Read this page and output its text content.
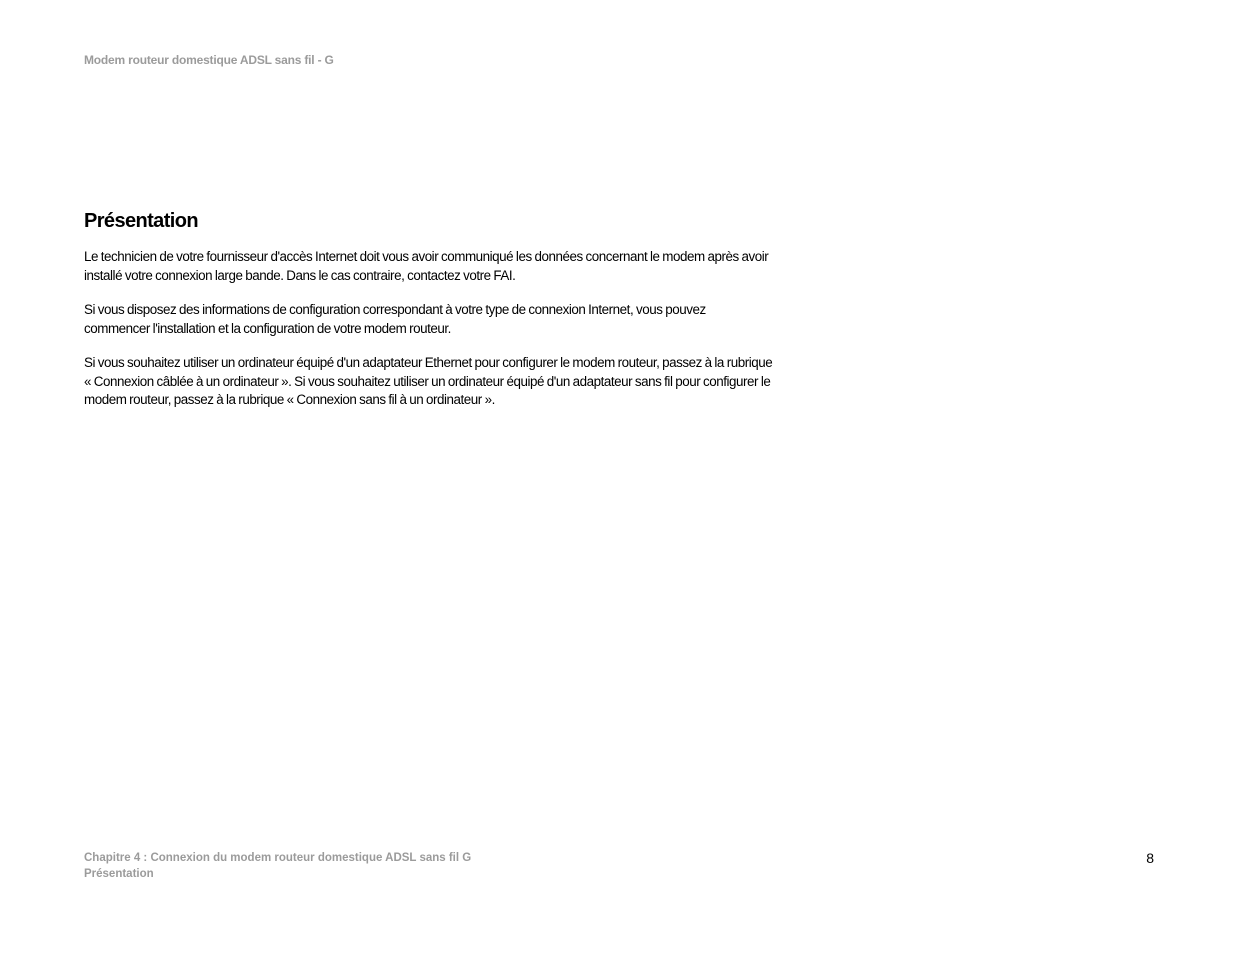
Modem routeur domestique ADSL sans fil - G
Présentation

Le technicien de votre fournisseur d'accès Internet doit vous avoir communiqué les données concernant le modem après avoir installé votre connexion large bande. Dans le cas contraire, contactez votre FAI.

Si vous disposez des informations de configuration correspondant à votre type de connexion Internet, vous pouvez commencer l'installation et la configuration de votre modem routeur.

Si vous souhaitez utiliser un ordinateur équipé d'un adaptateur Ethernet pour configurer le modem routeur, passez à la rubrique « Connexion câblée à un ordinateur ». Si vous souhaitez utiliser un ordinateur équipé d'un adaptateur sans fil pour configurer le modem routeur, passez à la rubrique « Connexion sans fil à un ordinateur ».

Chapitre 4 : Connexion du modem routeur domestique ADSL sans fil G
Présentation
8
